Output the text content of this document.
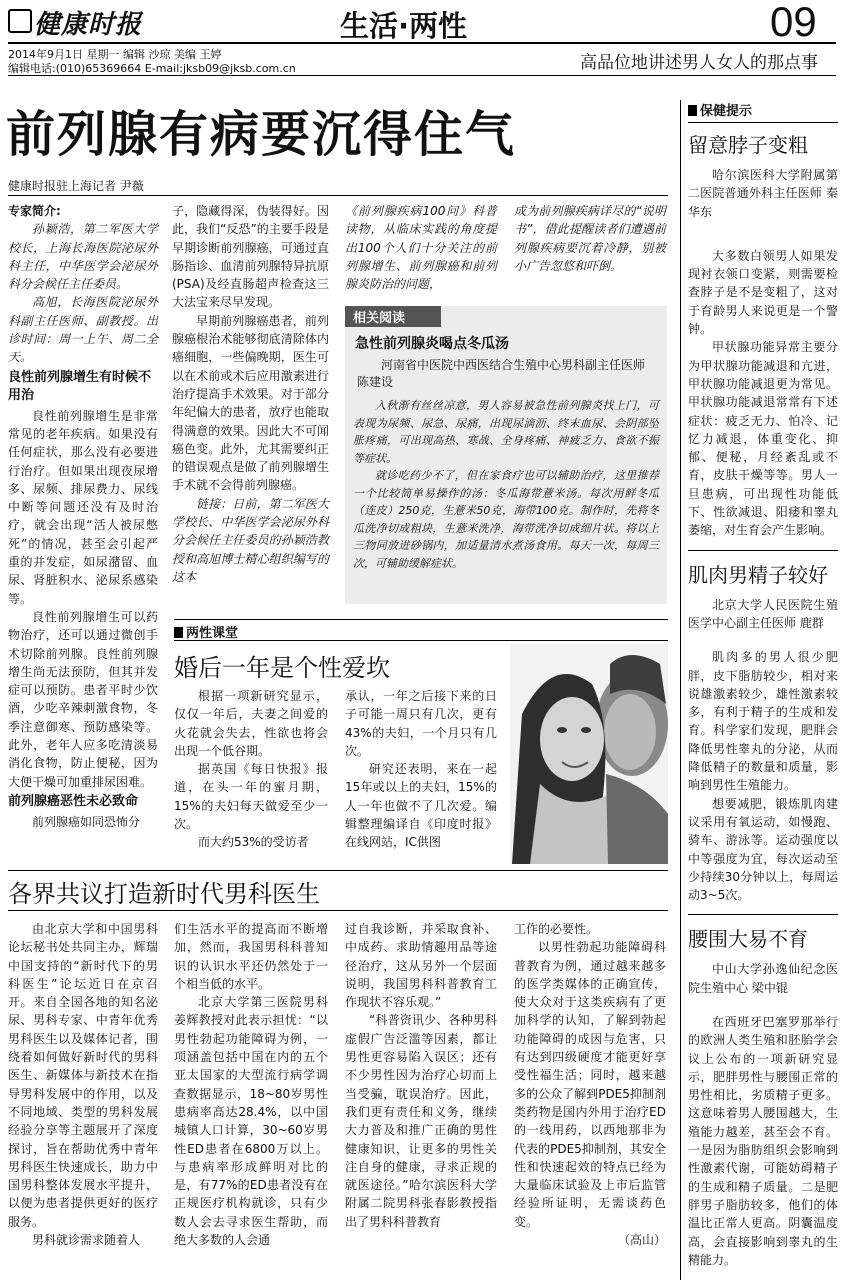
健康时报	生活·两性	09
2014年9月1日 星期一 编辑 沙琼 美编 王婷
编辑电话:(010)65369664 E-mail:jksb09@jksb.com.cn	高品位地讲述男人女人的那点事
前列腺有病要沉得住气
健康时报驻上海记者 尹薇

专家简介:

孙颖浩，第二军医大学校长，上海长海医院泌尿外科主任，中华医学会泌尿外科分会候任主任委员。

高旭，长海医院泌尿外科副主任医师、副教授。出诊时间：周一上午、周二全天。

良性前列腺增生有时候不用治

良性前列腺增生是非常常见的老年疾病。如果没有任何症状，那么没有必要进行治疗。但如果出现夜尿增多、尿频、排尿费力、尿线中断等问题还没有及时治疗，就会出现“活人被尿憋死”的情况，甚至会引起严重的并发症，如尿潴留、血尿、肾脏积水、泌尿系感染等。

良性前列腺增生可以药物治疗，还可以通过微创手术切除前列腺。良性前列腺增生尚无法预防，但其并发症可以预防。患者平时少饮酒，少吃辛辣刺激食物，冬季注意御寒、预防感染等。此外，老年人应多吃清淡易消化食物，防止便秘，因为大便干燥可加重排尿困难。

前列腺癌恶性未必致命

前列腺癌如同恐怖分

子，隐藏得深，伪装得好。因此，我们“反恐”的主要手段是早期诊断前列腺癌，可通过直肠指诊、血清前列腺特异抗原(PSA)及经直肠超声检查这三大法宝来尽早发现。

早期前列腺癌患者，前列腺癌根治术能够彻底清除体内癌细胞，一些偏晚期，医生可以在术前或术后应用激素进行治疗提高手术效果。对于部分年纪偏大的患者，放疗也能取得满意的效果。因此大不可闻癌色变。此外，尤其需要纠正的错误观点是做了前列腺增生手术就不会得前列腺癌。

链接：日前，第二军医大学校长、中华医学会泌尿外科分会候任主任委员的孙颖浩教授和高旭博士精心组织编写的这本

《前列腺疾病100问》科普读物，从临床实践的角度提出100个人们十分关注的前列腺增生、前列腺癌和前列腺炎防治的问题，

成为前列腺疾病详尽的“说明书”，借此提醒读者们遭遇前列腺疾病要沉着冷静，别被小广告忽悠和吓倒。

相关阅读
急性前列腺炎喝点冬瓜汤
河南省中医院中西医结合生殖中心男科副主任医师 陈建设

入秋渐有丝丝凉意，男人容易被急性前列腺炎找上门，可表现为尿频、尿急、尿痛，出现尿滴沥、终末血尿、会阴部坠胀疼痛，可出现高热、寒战、全身疼痛、神疲乏力、食欲不振等症状。

就诊吃药少不了，但在家食疗也可以辅助治疗，这里推荐一个比较简单易操作的汤：冬瓜海带薏米汤。每次用鲜冬瓜（连皮）250克，生薏米50克，海带100克。制作时，先将冬瓜洗净切成粗块，生薏米洗净，海带洗净切成细片状。将以上三物同放进砂锅内，加适量清水煮汤食用。每天一次，每周三次，可辅助缓解症状。

两性课堂
婚后一年是个性爱坎

根据一项新研究显示，仅仅一年后，夫妻之间爱的火花就会失去，性欲也将会出现一个低谷期。

据英国《每日快报》报道，在头一年的蜜月期，15%的夫妇每天做爱至少一次。

而大约53%的受访者

承认，一年之后接下来的日子可能一周只有几次，更有43%的夫妇，一个月只有几次。

研究还表明，来在一起15年或以上的夫妇，15%的人一年也做不了几次爱。编辑整理编译自《印度时报》在线网站，IC供图

各界共议打造新时代男科医生

由北京大学和中国男科论坛秘书处共同主办，辉瑞中国支持的“新时代下的男科医生”论坛近日在京召开。来自全国各地的知名泌尿、男科专家、中青年优秀男科医生以及媒体记者，围绕着如何做好新时代的男科医生、新媒体与新技术在指导男科发展中的作用，以及不同地域、类型的男科发展经验分享等主题展开了深度探讨，旨在帮助优秀中青年男科医生快速成长，助力中国男科整体发展水平提升，以便为患者提供更好的医疗服务。

男科就诊需求随着人

们生活水平的提高而不断增加，然而，我国男科科普知识的认识水平还仍然处于一个相当低的水平。

北京大学第三医院男科姜辉教授对此表示担忧：“以男性勃起功能障碍为例，一项涵盖包括中国在内的五个亚太国家的大型流行病学调查数据显示，18~80岁男性患病率高达28.4%，以中国城镇人口计算，30~60岁男性ED患者在6800万以上。与患病率形成鲜明对比的是，有77%的ED患者没有在正规医疗机构就诊，只有少数人会去寻求医生帮助，而绝大多数的人会通

过自我诊断，并采取食补、中成药、求助情趣用品等途径治疗，这从另外一个层面说明，我国男科科普教育工作现状不容乐观。”

“科普资讯少、各种男科虚假广告泛滥等因素，都让男性更容易陷入误区；还有不少男性因为治疗心切而上当受骗，耽误治疗。因此，我们更有责任和义务，继续大力普及和推广正确的男性健康知识，让更多的男性关注自身的健康，寻求正规的就医途径。”哈尔滨医科大学附属二院男科张春影教授指出了男科科普教育

工作的必要性。

以男性勃起功能障碍科普教育为例，通过越来越多的医学类媒体的正确宣传，使大众对于这类疾病有了更加科学的认知，了解到勃起功能障碍的成因与危害，只有达到四级硬度才能更好享受性福生活；同时，越来越多的公众了解到PDE5抑制剂类药物是国内外用于治疗ED的一线用药，以西地那非为代表的PDE5抑制剂，其安全性和快速起效的特点已经为大量临床试验及上市后监管经验所证明，无需谈药色变。

（高山）

保健提示
留意脖子变粗

哈尔滨医科大学附属第二医院普通外科主任医师 秦华东

大多数白领男人如果发现衬衣领口变紧，则需要检查脖子是不是变粗了，这对于育龄男人来说更是一个警钟。

甲状腺功能异常主要分为甲状腺功能减退和亢进，甲状腺功能减退更为常见。甲状腺功能减退常常有下述症状：疲乏无力、怕冷、记忆力减退，体重变化、抑郁、便秘，月经紊乱或不育，皮肤干燥等等。男人一旦患病，可出现性功能低下、性欲减退、阳痿和睾丸萎缩，对生育会产生影响。

肌肉男精子较好

北京大学人民医院生殖医学中心副主任医师 鹿群

肌肉多的男人很少肥胖，皮下脂肪较少，相对来说雄激素较少，雄性激素较多，有利于精子的生成和发育。科学家们发现，肥胖会降低男性睾丸的分泌，从而降低精子的数量和质量，影响到男性生殖能力。

想要减肥，锻炼肌肉建议采用有氧运动，如慢跑、骑车、游泳等。运动强度以中等强度为宜，每次运动至少持续30分钟以上，每周运动3~5次。

腰围大易不育

中山大学孙逸仙纪念医院生殖中心 梁中锟

在西班牙巴塞罗那举行的欧洲人类生殖和胚胎学会议上公布的一项新研究显示，肥胖男性与腰围正常的男性相比，劣质精子更多。这意味着男人腰围越大，生殖能力越差，甚至会不育。一是因为脂肪组织会影响到性激素代谢，可能妨碍精子的生成和精子质量。二是肥胖男子脂肪较多，他们的体温比正常人更高。阴囊温度高，会直接影响到睾丸的生精能力。
